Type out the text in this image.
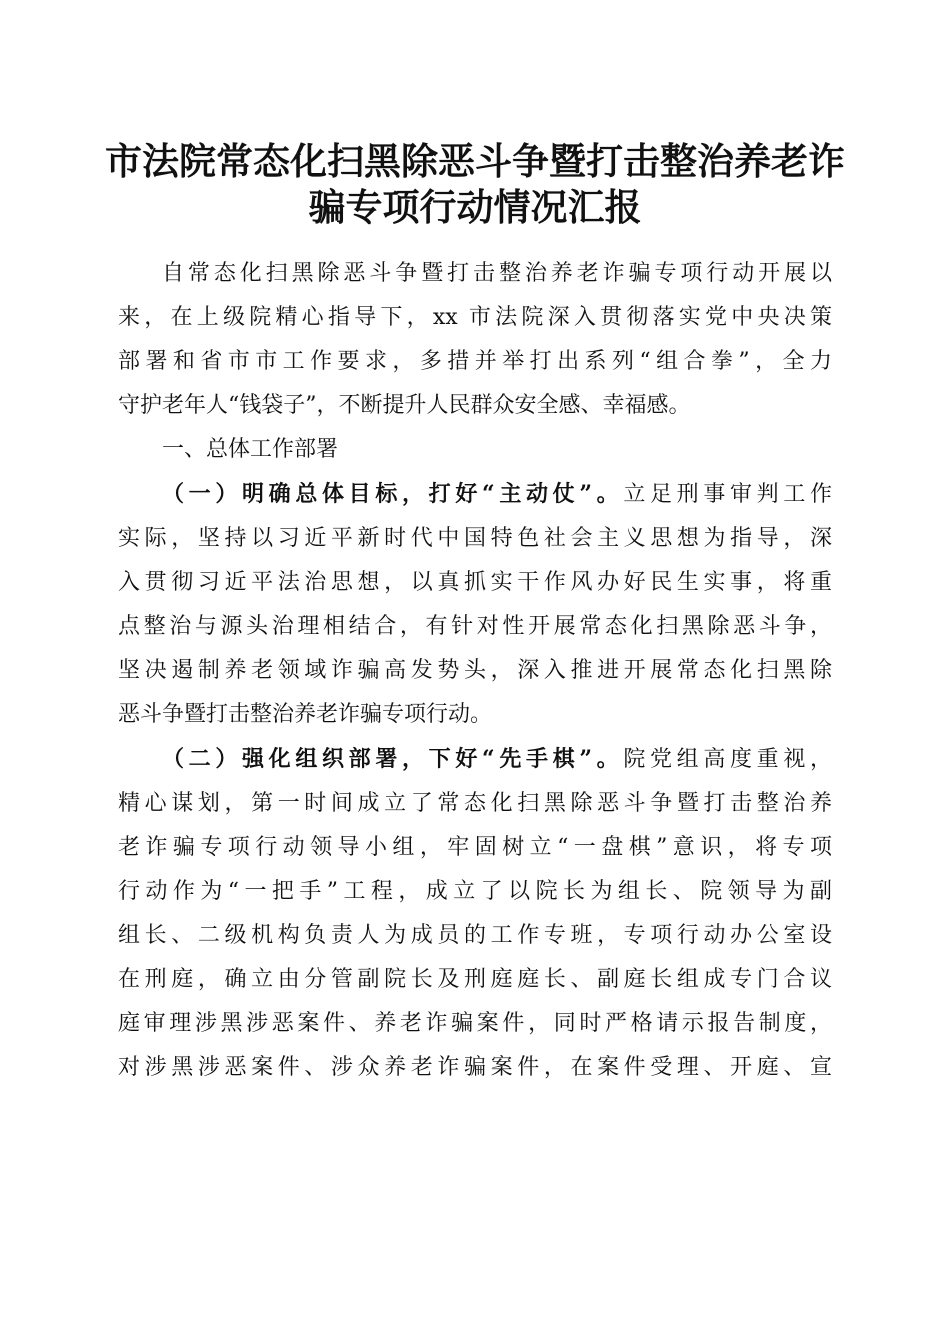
市法院常态化扫黑除恶斗争暨打击整治养老诈
骗专项行动情况汇报

自常态化扫黑除恶斗争暨打击整治养老诈骗专项行动开展以
来，在上级院精心指导下，xx 市法院深入贯彻落实党中央决策
部署和省市市工作要求，多措并举打出系列“组合拳”，全力
守护老年人“钱袋子”，不断提升人民群众安全感、幸福感。

一、总体工作部署

（一）明确总体目标，打好“主动仗”。立足刑事审判工作
实际，坚持以习近平新时代中国特色社会主义思想为指导，深
入贯彻习近平法治思想，以真抓实干作风办好民生实事，将重
点整治与源头治理相结合，有针对性开展常态化扫黑除恶斗争，
坚决遏制养老领域诈骗高发势头，深入推进开展常态化扫黑除
恶斗争暨打击整治养老诈骗专项行动。

（二）强化组织部署，下好“先手棋”。院党组高度重视，
精心谋划，第一时间成立了常态化扫黑除恶斗争暨打击整治养
老诈骗专项行动领导小组，牢固树立“一盘棋”意识，将专项
行动作为“一把手”工程，成立了以院长为组长、院领导为副
组长、二级机构负责人为成员的工作专班，专项行动办公室设
在刑庭，确立由分管副院长及刑庭庭长、副庭长组成专门合议
庭审理涉黑涉恶案件、养老诈骗案件，同时严格请示报告制度，
对涉黑涉恶案件、涉众养老诈骗案件，在案件受理、开庭、宣
